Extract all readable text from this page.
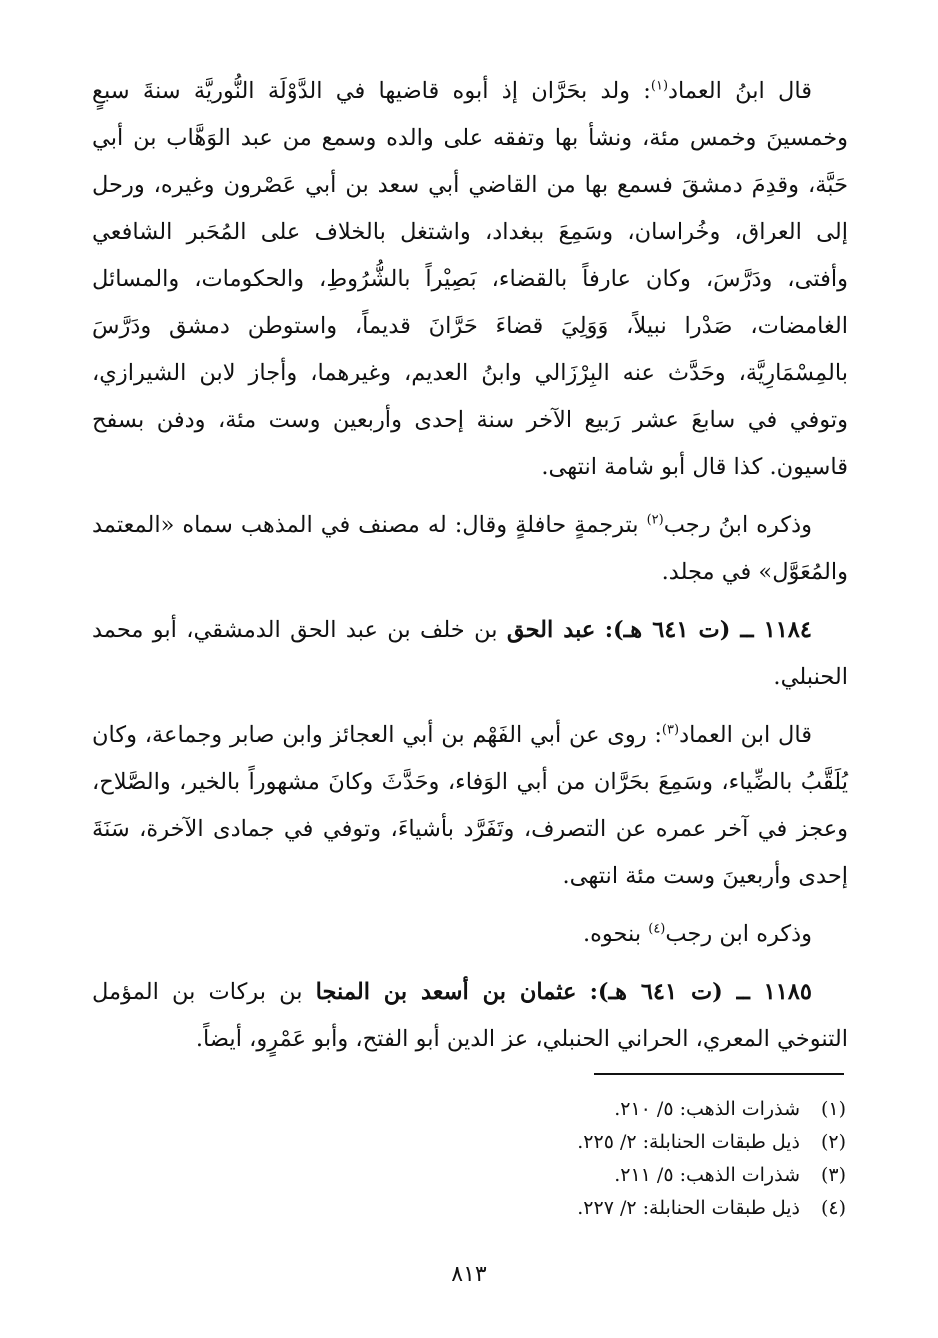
قال ابنُ العماد$^{(١)}$: ولد بحَرَّان إذ أبوه قاضيها في الدَّوْلَة النُّوريَّة سنةَ سبعٍ وخمسينَ وخمس مئة، ونشأ بها وتفقه على والده وسمع من عبد الوَهَّاب بن أبي حَبَّة، وقدِمَ دمشقَ فسمع بها من القاضي أبي سعد بن أبي عَصْرون وغيره، ورحل إلى العراق، وخُراسان، وسَمِعَ ببغداد، واشتغل بالخلاف على المُحَبر الشافعي وأفتى، ودَرَّسَ، وكان عارفاً بالقضاء، بَصِيْراً بالشُّرُوطِ، والحكومات، والمسائل الغامضات، صَدْرا نبيلاً، وَوَلِيَ قضاءَ حَرَّانَ قديماً، واستوطن دمشق ودَرَّسَ بالمِسْمَارِيَّة، وحَدَّث عنه البِرْزَالي وابنُ العديم، وغيرهما، وأجاز لابن الشيرازي، وتوفي في سابعَ عشر رَبيع الآخر سنة إحدى وأربعين وست مئة، ودفن بسفح قاسيون. كذا قال أبو شامة انتهى.

وذكره ابنُ رجب$^{(٢)}$ بترجمةٍ حافلةٍ وقال: له مصنف في المذهب سماه «المعتمد والمُعَوَّل» في مجلد.

١١٨٤ ــ (ت ٦٤١ هـ): عبد الحق بن خلف بن عبد الحق الدمشقي، أبو محمد الحنبلي.

قال ابن العماد$^{(٣)}$: روى عن أبي الفَهْم بن أبي العجائز وابن صابر وجماعة، وكان يُلَقَّبُ بالضِّياء، وسَمِعَ بحَرَّان من أبي الوَفاء، وحَدَّثَ وكانَ مشهوراً بالخير، والصَّلاح، وعجز في آخر عمره عن التصرف، وتَفَرَّد بأشياءَ، وتوفي في جمادى الآخرة، سَنَةَ إحدى وأربعينَ وست مئة انتهى.

وذكره ابن رجب$^{(٤)}$ بنحوه.

١١٨٥ ــ (ت ٦٤١ هـ): عثمان بن أسعد بن المنجا بن بركات بن المؤمل التنوخي المعري، الحراني الحنبلي، عز الدين أبو الفتح، وأبو عَمْرٍو، أيضاً.

(١)شذرات الذهب: ٥/ ٢١٠.
(٢)ذيل طبقات الحنابلة: ٢/ ٢٢٥.
(٣)شذرات الذهب: ٥/ ٢١١.
(٤)ذيل طبقات الحنابلة: ٢/ ٢٢٧.
٨١٣
